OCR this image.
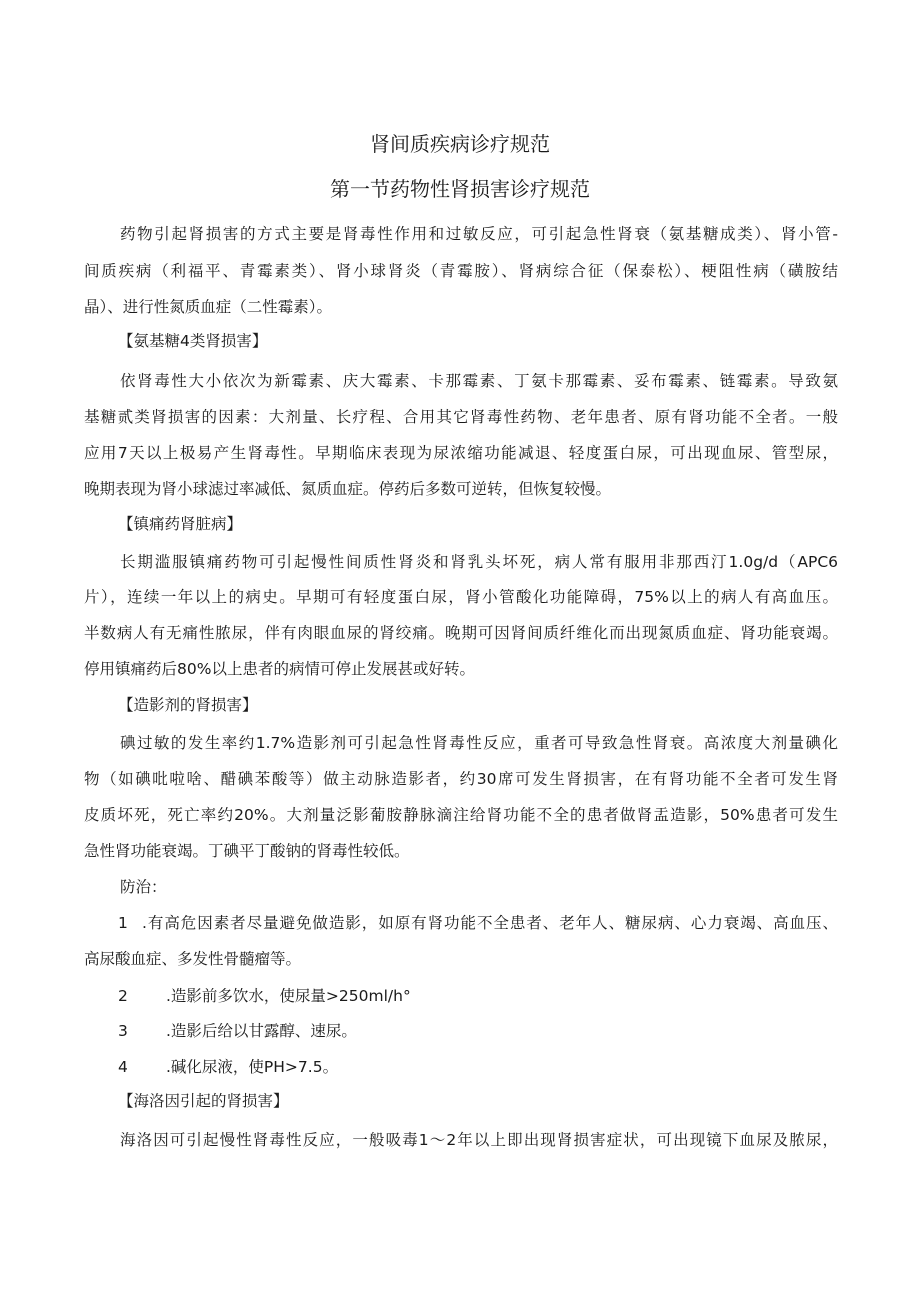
肾间质疾病诊疗规范
第一节药物性肾损害诊疗规范
药物引起肾损害的方式主要是肾毒性作用和过敏反应，可引起急性肾衰（氨基糖成类）、肾小管-
间质疾病（利福平、青霉素类）、肾小球肾炎（青霉胺）、肾病综合征（保泰松）、梗阻性病（磺胺结
晶）、进行性氮质血症（二性霉素）。
【氨基糖4类肾损害】
依肾毒性大小依次为新霉素、庆大霉素、卡那霉素、丁氨卡那霉素、妥布霉素、链霉素。导致氨
基糖贰类肾损害的因素：大剂量、长疗程、合用其它肾毒性药物、老年患者、原有肾功能不全者。一般
应用7天以上极易产生肾毒性。早期临床表现为尿浓缩功能减退、轻度蛋白尿，可出现血尿、管型尿，
晚期表现为肾小球滤过率减低、氮质血症。停药后多数可逆转，但恢复较慢。
【镇痛药肾脏病】
长期滥服镇痛药物可引起慢性间质性肾炎和肾乳头坏死，病人常有服用非那西汀1.0g/d（APC6
片），连续一年以上的病史。早期可有轻度蛋白尿，肾小管酸化功能障碍，75%以上的病人有高血压。
半数病人有无痛性脓尿，伴有肉眼血尿的肾绞痛。晚期可因肾间质纤维化而出现氮质血症、肾功能衰竭。
停用镇痛药后80%以上患者的病情可停止发展甚或好转。
【造影剂的肾损害】
碘过敏的发生率约1.7%造影剂可引起急性肾毒性反应，重者可导致急性肾衰。高浓度大剂量碘化
物（如碘吡啦啥、醋碘苯酸等）做主动脉造影者，约30席可发生肾损害，在有肾功能不全者可发生肾
皮质坏死，死亡率约20%。大剂量泛影葡胺静脉滴注给肾功能不全的患者做肾盂造影，50%患者可发生
急性肾功能衰竭。丁碘平丁酸钠的肾毒性较低。
防治：
1 .有高危因素者尽量避免做造影，如原有肾功能不全患者、老年人、糖尿病、心力衰竭、高血压、
高尿酸血症、多发性骨髓瘤等。
2 .造影前多饮水，使尿量>250ml/h°
3 .造影后给以甘露醇、速尿。
4 .碱化尿液，使PH>7.5。
【海洛因引起的肾损害】
海洛因可引起慢性肾毒性反应，一般吸毒1～2年以上即出现肾损害症状，可出现镜下血尿及脓尿，
